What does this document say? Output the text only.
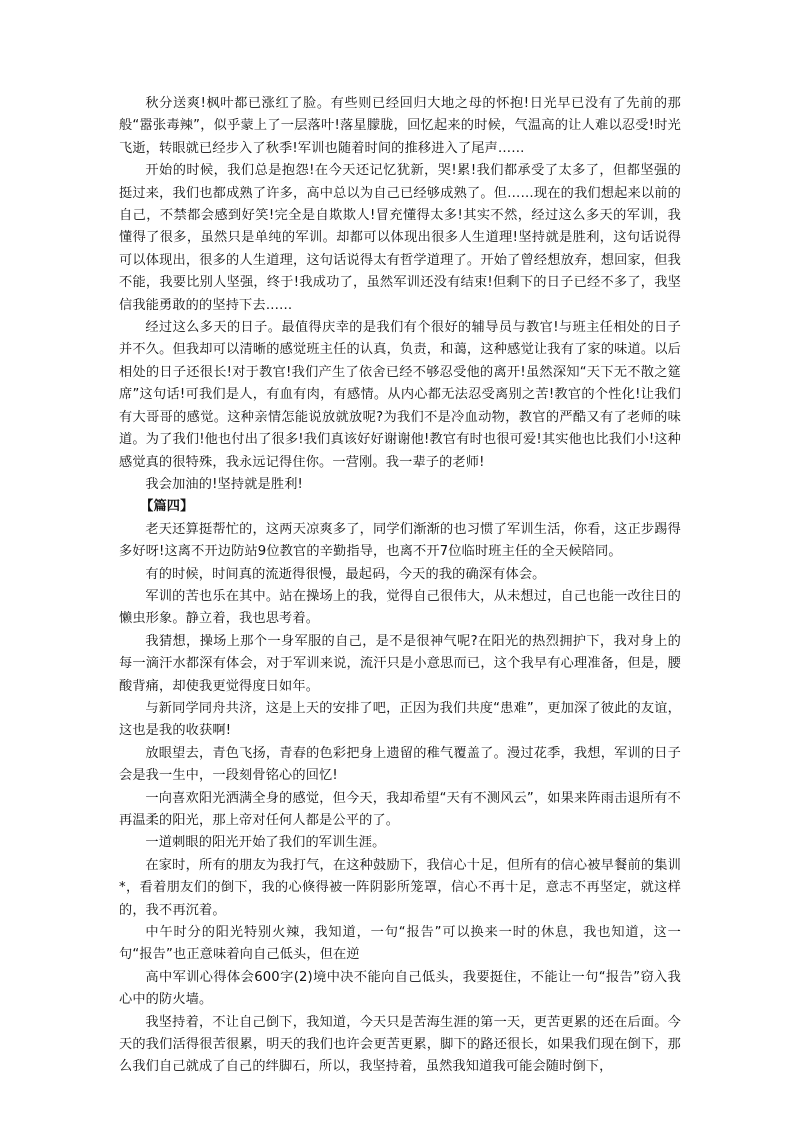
秋分送爽!枫叶都已涨红了脸。有些则已经回归大地之母的怀抱!日光早已没有了先前的那般“嚣张毒辣”，似乎蒙上了一层落叶!落星朦胧，回忆起来的时候，气温高的让人难以忍受!时光飞逝，转眼就已经步入了秋季!军训也随着时间的推移进入了尾声……

开始的时候，我们总是抱怨!在今天还记忆犹新，哭!累!我们都承受了太多了，但都坚强的挺过来，我们也都成熟了许多，高中总以为自己已经够成熟了。但……现在的我们想起来以前的自己，不禁都会感到好笑!完全是自欺欺人!冒充懂得太多!其实不然，经过这么多天的军训，我懂得了很多，虽然只是单纯的军训。却都可以体现出很多人生道理!坚持就是胜利，这句话说得可以体现出，很多的人生道理，这句话说得太有哲学道理了。开始了曾经想放弃，想回家，但我不能，我要比别人坚强，终于!我成功了，虽然军训还没有结束!但剩下的日子已经不多了，我坚信我能勇敢的的坚持下去……

经过这么多天的日子。最值得庆幸的是我们有个很好的辅导员与教官!与班主任相处的日子并不久。但我却可以清晰的感觉班主任的认真，负责，和蔼，这种感觉让我有了家的味道。以后相处的日子还很长!对于教官!我们产生了依舍已经不够忍受他的离开!虽然深知“天下无不散之筵席”这句话!可我们是人，有血有肉，有感情。从内心都无法忍受离别之苦!教官的个性化!让我们有大哥哥的感觉。这种亲情怎能说放就放呢?为我们不是冷血动物，教官的严酷又有了老师的味道。为了我们!他也付出了很多!我们真该好好谢谢他!教官有时也很可爱!其实他也比我们小!这种感觉真的很特殊，我永远记得住你。一营刚。我一辈子的老师!

我会加油的!坚持就是胜利!

【篇四】

老天还算挺帮忙的，这两天凉爽多了，同学们渐渐的也习惯了军训生活，你看，这正步踢得多好呀!这离不开边防站9位教官的辛勤指导，也离不开7位临时班主任的全天候陪同。

有的时候，时间真的流逝得很慢，最起码，今天的我的确深有体会。

军训的苦也乐在其中。站在操场上的我，觉得自己很伟大，从未想过，自己也能一改往日的懒虫形象。静立着，我也思考着。

我猜想，操场上那个一身军服的自己，是不是很神气呢?在阳光的热烈拥护下，我对身上的每一滴汗水都深有体会，对于军训来说，流汗只是小意思而已，这个我早有心理准备，但是，腰酸背痛，却使我更觉得度日如年。

与新同学同舟共济，这是上天的安排了吧，正因为我们共度“患难”，更加深了彼此的友谊，这也是我的收获啊!

放眼望去，青色飞扬，青春的色彩把身上遗留的稚气覆盖了。漫过花季，我想，军训的日子会是我一生中，一段刻骨铭心的回忆!

一向喜欢阳光洒满全身的感觉，但今天，我却希望“天有不测风云”，如果来阵雨击退所有不再温柔的阳光，那上帝对任何人都是公平的了。

一道刺眼的阳光开始了我们的军训生涯。

在家时，所有的朋友为我打气，在这种鼓励下，我信心十足，但所有的信心被早餐前的集训*，看着朋友们的倒下，我的心倏得被一阵阴影所笼罩，信心不再十足，意志不再坚定，就这样的，我不再沉着。

中午时分的阳光特别火辣，我知道，一句“报告”可以换来一时的休息，我也知道，这一句“报告”也正意味着向自己低头，但在逆

高中军训心得体会600字(2)境中决不能向自己低头，我要挺住，不能让一句“报告”窃入我心中的防火墙。

我坚持着，不让自己倒下，我知道，今天只是苦海生涯的第一天，更苦更累的还在后面。今天的我们活得很苦很累，明天的我们也许会更苦更累，脚下的路还很长，如果我们现在倒下，那么我们自己就成了自己的绊脚石，所以，我坚持着，虽然我知道我可能会随时倒下，
